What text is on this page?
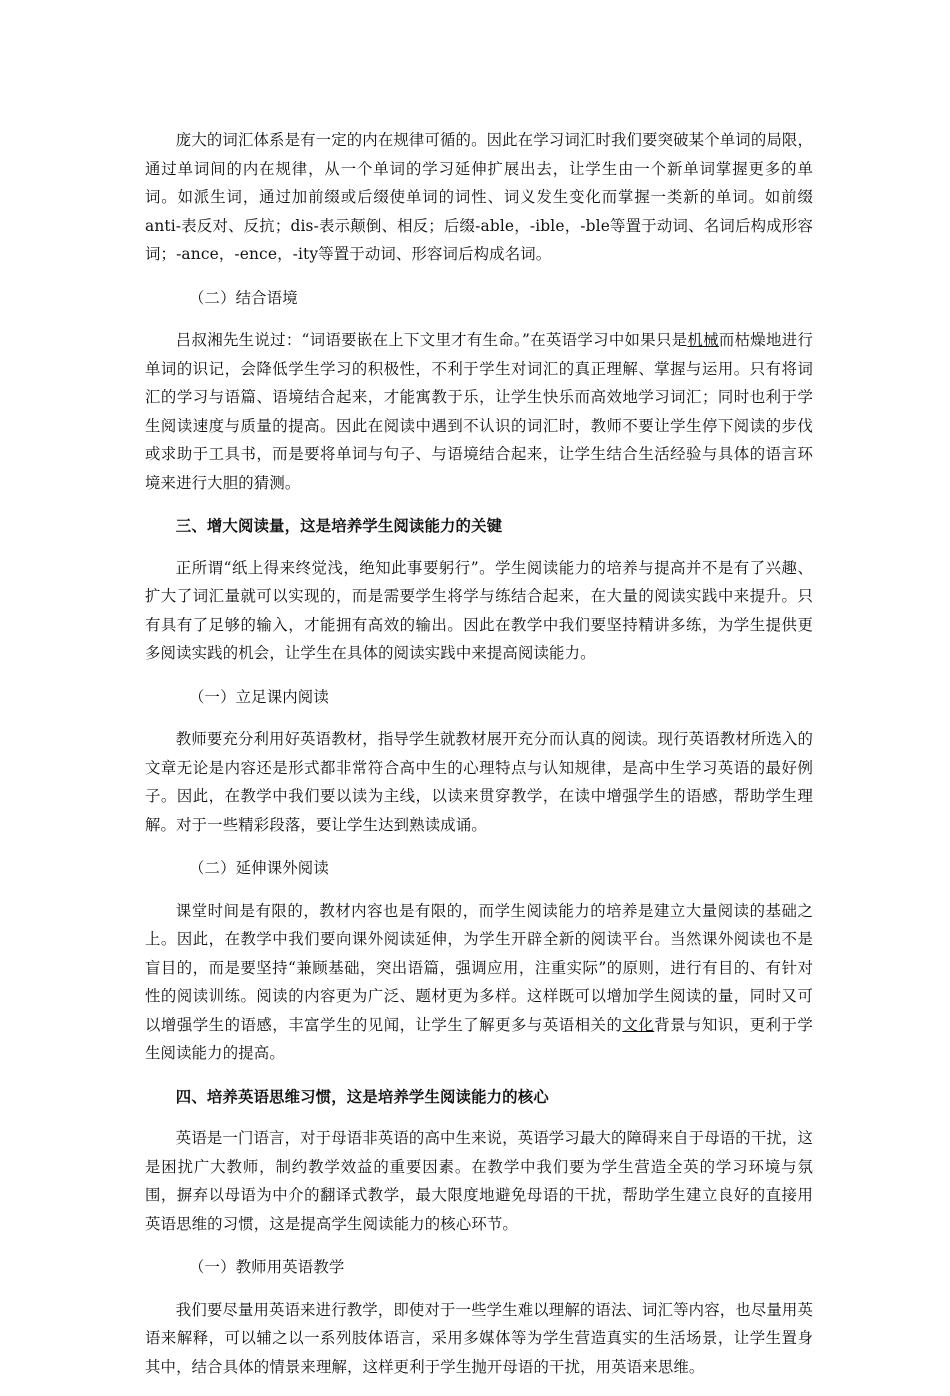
庞大的词汇体系是有一定的内在规律可循的。因此在学习词汇时我们要突破某个单词的局限，通过单词间的内在规律，从一个单词的学习延伸扩展出去，让学生由一个新单词掌握更多的单词。如派生词，通过加前缀或后缀使单词的词性、词义发生变化而掌握一类新的单词。如前缀anti-表反对、反抗；dis-表示颠倒、相反；后缀-able，-ible，-ble等置于动词、名词后构成形容词；-ance，-ence，-ity等置于动词、形容词后构成名词。

（二）结合语境

吕叔湘先生说过：“词语要嵌在上下文里才有生命。”在英语学习中如果只是机械而枯燥地进行单词的识记，会降低学生学习的积极性，不利于学生对词汇的真正理解、掌握与运用。只有将词汇的学习与语篇、语境结合起来，才能寓教于乐，让学生快乐而高效地学习词汇；同时也利于学生阅读速度与质量的提高。因此在阅读中遇到不认识的词汇时，教师不要让学生停下阅读的步伐或求助于工具书，而是要将单词与句子、与语境结合起来，让学生结合生活经验与具体的语言环境来进行大胆的猜测。

三、增大阅读量，这是培养学生阅读能力的关键

正所谓“纸上得来终觉浅，绝知此事要躬行”。学生阅读能力的培养与提高并不是有了兴趣、扩大了词汇量就可以实现的，而是需要学生将学与练结合起来，在大量的阅读实践中来提升。只有具有了足够的输入，才能拥有高效的输出。因此在教学中我们要坚持精讲多练，为学生提供更多阅读实践的机会，让学生在具体的阅读实践中来提高阅读能力。

（一）立足课内阅读

教师要充分利用好英语教材，指导学生就教材展开充分而认真的阅读。现行英语教材所选入的文章无论是内容还是形式都非常符合高中生的心理特点与认知规律，是高中生学习英语的最好例子。因此，在教学中我们要以读为主线，以读来贯穿教学，在读中增强学生的语感，帮助学生理解。对于一些精彩段落，要让学生达到熟读成诵。

（二）延伸课外阅读

课堂时间是有限的，教材内容也是有限的，而学生阅读能力的培养是建立大量阅读的基础之上。因此，在教学中我们要向课外阅读延伸，为学生开辟全新的阅读平台。当然课外阅读也不是盲目的，而是要坚持“兼顾基础，突出语篇，强调应用，注重实际”的原则，进行有目的、有针对性的阅读训练。阅读的内容更为广泛、题材更为多样。这样既可以增加学生阅读的量，同时又可以增强学生的语感，丰富学生的见闻，让学生了解更多与英语相关的文化背景与知识，更利于学生阅读能力的提高。

四、培养英语思维习惯，这是培养学生阅读能力的核心

英语是一门语言，对于母语非英语的高中生来说，英语学习最大的障碍来自于母语的干扰，这是困扰广大教师，制约教学效益的重要因素。在教学中我们要为学生营造全英的学习环境与氛围，摒弃以母语为中介的翻译式教学，最大限度地避免母语的干扰，帮助学生建立良好的直接用英语思维的习惯，这是提高学生阅读能力的核心环节。

（一）教师用英语教学

我们要尽量用英语来进行教学，即使对于一些学生难以理解的语法、词汇等内容，也尽量用英语来解释，可以辅之以一系列肢体语言，采用多媒体等为学生营造真实的生活场景，让学生置身其中，结合具体的情景来理解，这样更利于学生抛开母语的干扰，用英语来思维。
